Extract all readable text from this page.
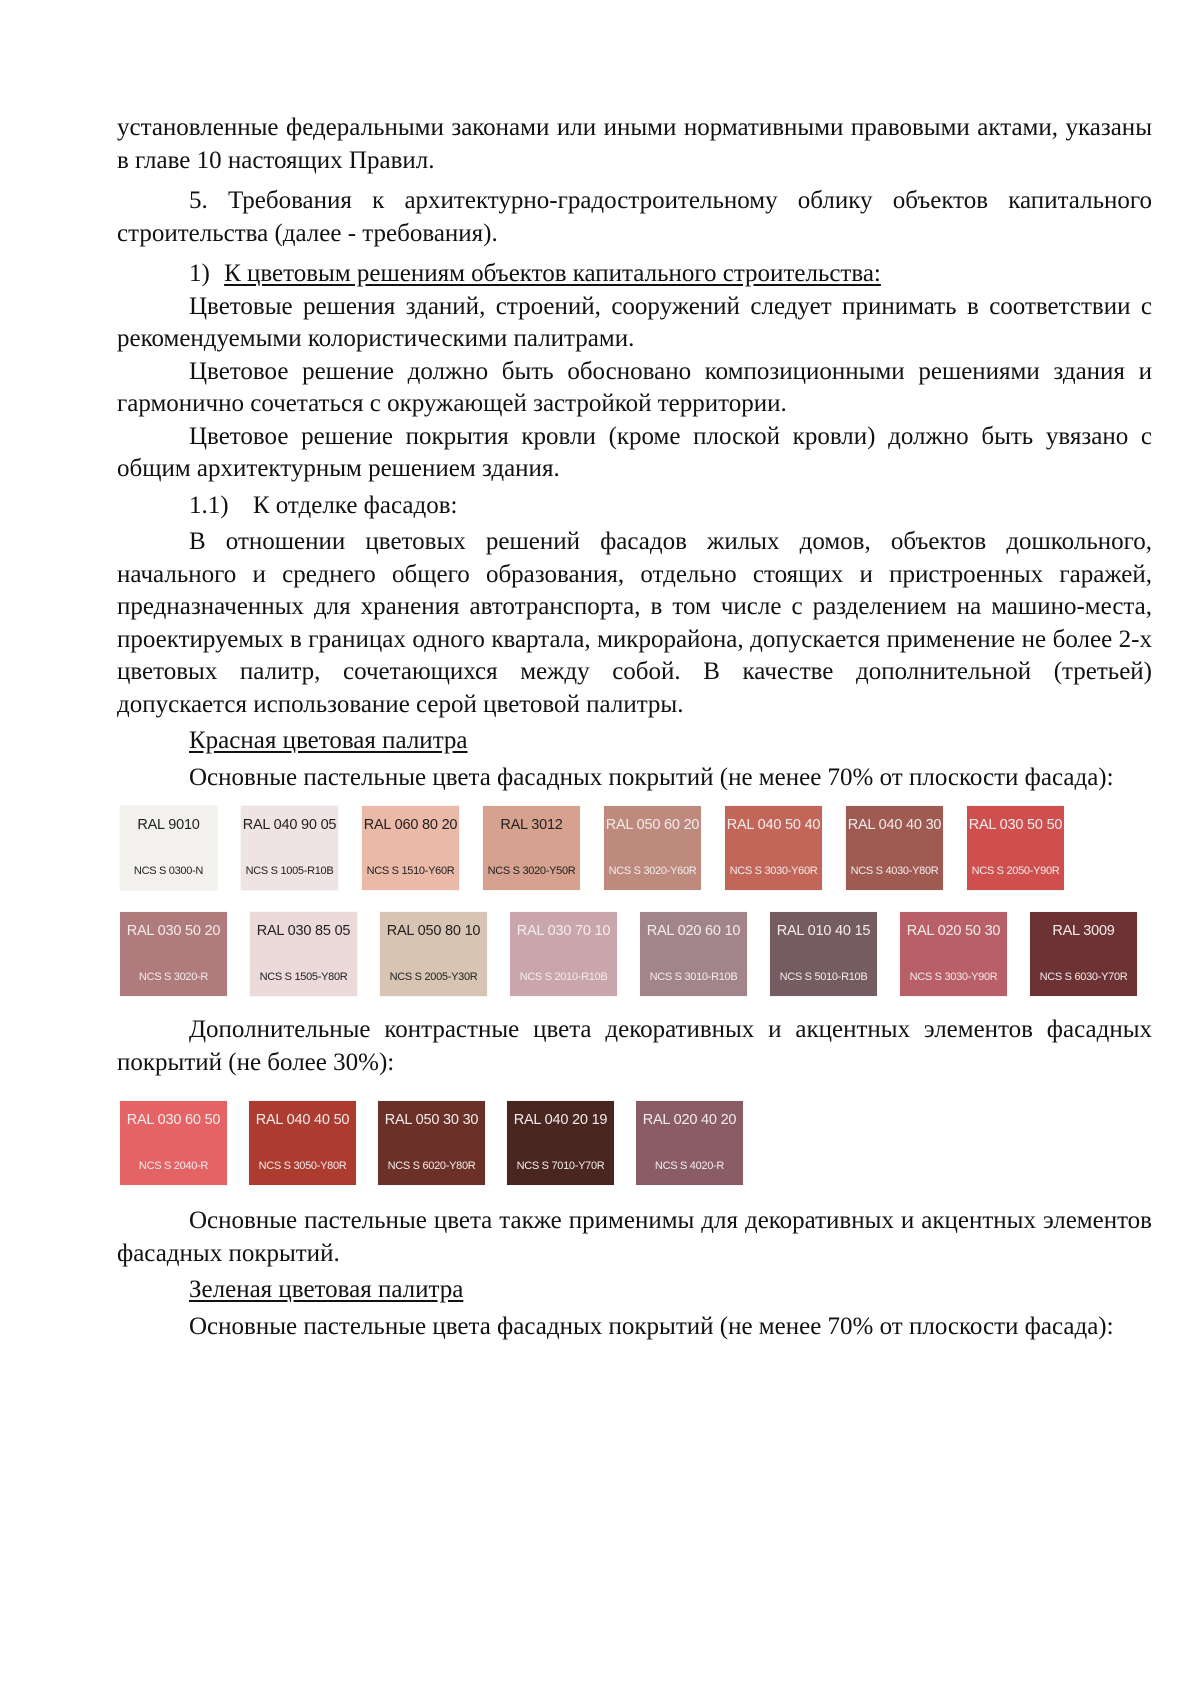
установленные федеральными законами или иными нормативными правовыми актами, указаны в главе 10 настоящих Правил.

5. Требования к архитектурно-градостроительному облику объектов капитального строительства (далее - требования).

1) К цветовым решениям объектов капитального строительства:

Цветовые решения зданий, строений, сооружений следует принимать в соответствии с рекомендуемыми колористическими палитрами.

Цветовое решение должно быть обосновано композиционными решениями здания и гармонично сочетаться с окружающей застройкой территории.

Цветовое решение покрытия кровли (кроме плоской кровли) должно быть увязано с общим архитектурным решением здания.

1.1) К отделке фасадов:

В отношении цветовых решений фасадов жилых домов, объектов дошкольного, начального и среднего общего образования, отдельно стоящих и пристроенных гаражей, предназначенных для хранения автотранспорта, в том числе с разделением на машино-места, проектируемых в границах одного квартала, микрорайона, допускается применение не более 2-х цветовых палитр, сочетающихся между собой. В качестве дополнительной (третьей) допускается использование серой цветовой палитры.

Красная цветовая палитра

Основные пастельные цвета фасадных покрытий (не менее 70% от плоскости фасада):

RAL 9010
NCS S 0300-N
RAL 040 90 05
NCS S 1005-R10B
RAL 060 80 20
NCS S 1510-Y60R
RAL 3012
NCS S 3020-Y50R
RAL 050 60 20
NCS S 3020-Y60R
RAL 040 50 40
NCS S 3030-Y60R
RAL 040 40 30
NCS S 4030-Y80R
RAL 030 50 50
NCS S 2050-Y90R
RAL 030 50 20
NCS S 3020-R
RAL 030 85 05
NCS S 1505-Y80R
RAL 050 80 10
NCS S 2005-Y30R
RAL 030 70 10
NCS S 2010-R10B
RAL 020 60 10
NCS S 3010-R10B
RAL 010 40 15
NCS S 5010-R10B
RAL 020 50 30
NCS S 3030-Y90R
RAL 3009
NCS S 6030-Y70R

Дополнительные контрастные цвета декоративных и акцентных элементов фасадных покрытий (не более 30%):

RAL 030 60 50
NCS S 2040-R
RAL 040 40 50
NCS S 3050-Y80R
RAL 050 30 30
NCS S 6020-Y80R
RAL 040 20 19
NCS S 7010-Y70R
RAL 020 40 20
NCS S 4020-R

Основные пастельные цвета также применимы для декоративных и акцентных элементов фасадных покрытий.

Зеленая цветовая палитра

Основные пастельные цвета фасадных покрытий (не менее 70% от плоскости фасада):
